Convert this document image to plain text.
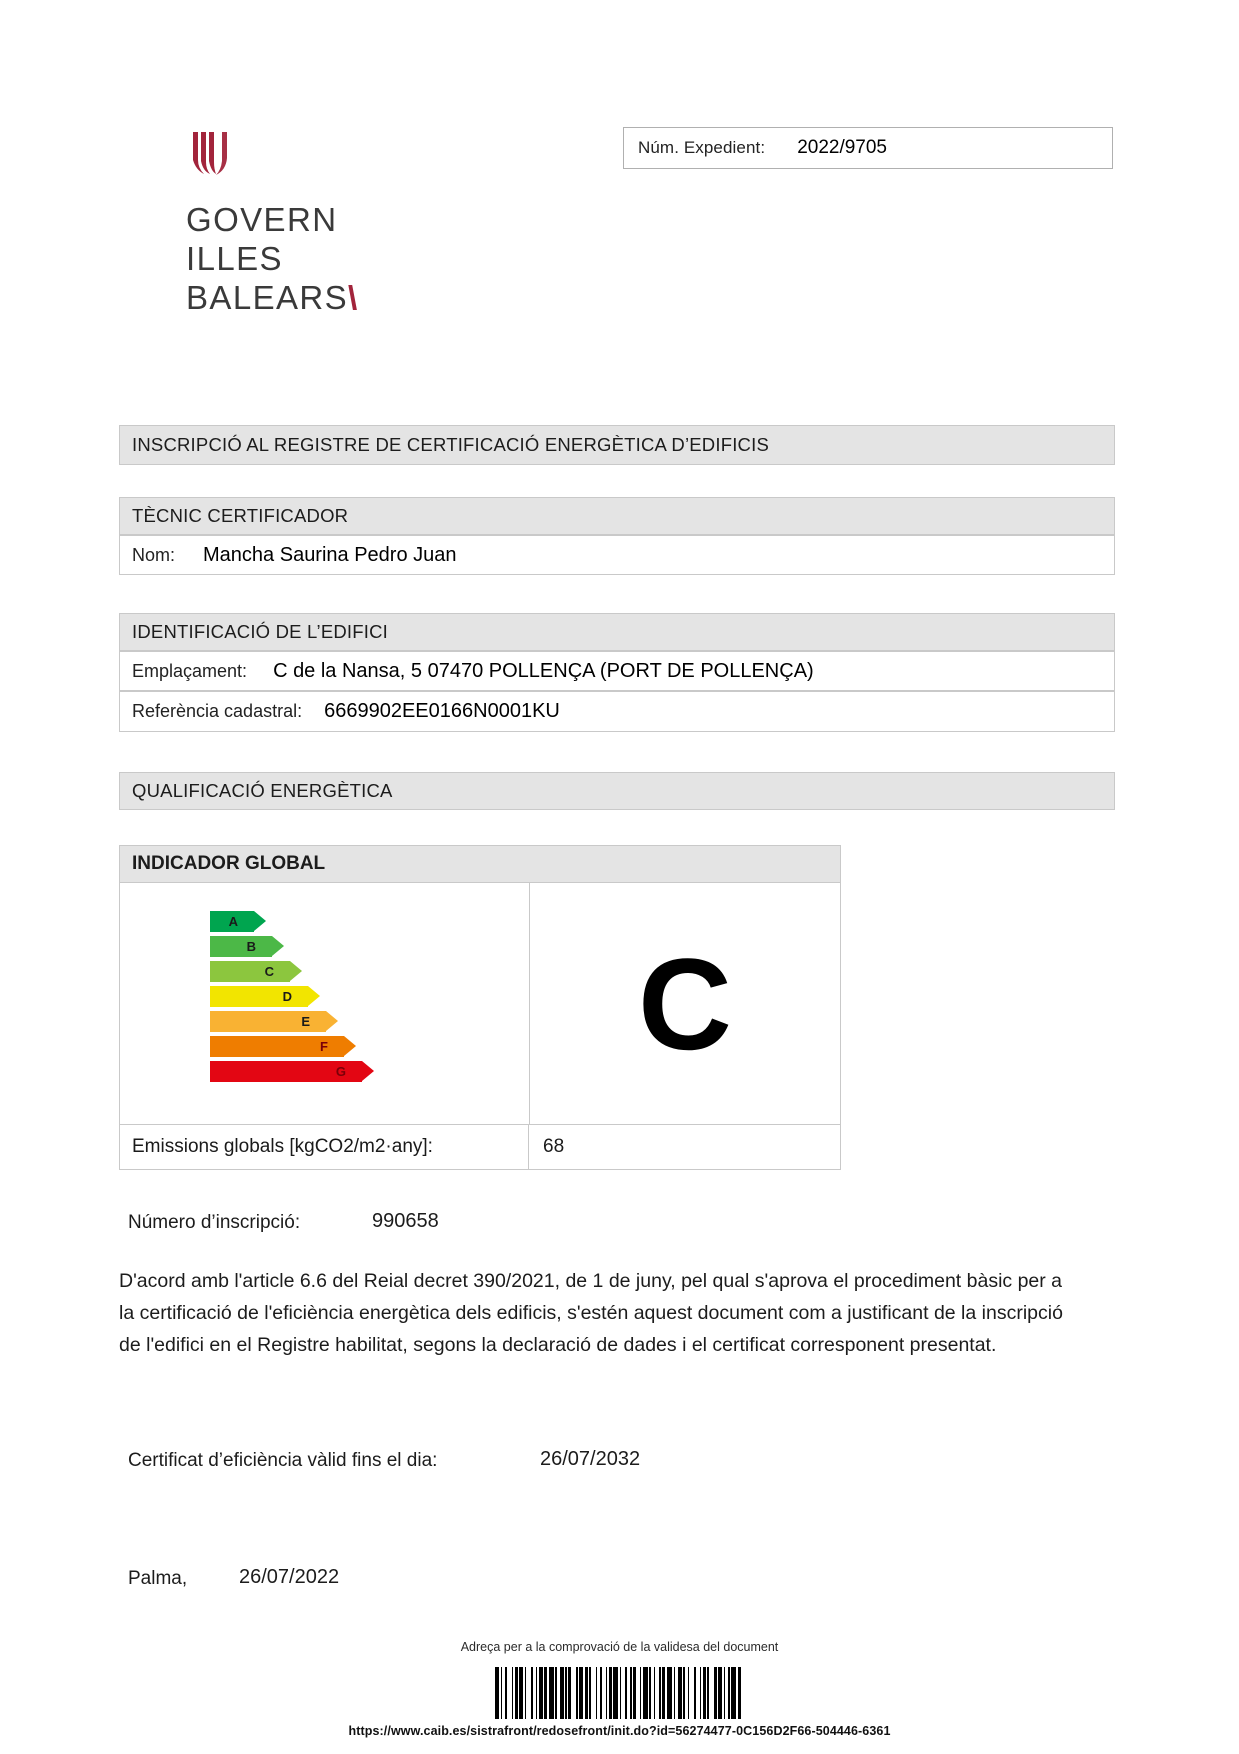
Núm. Expedient: 2022/9705
GOVERN
ILLES
BALEARS\
INSCRIPCIÓ AL REGISTRE DE CERTIFICACIÓ ENERGÈTICA D’EDIFICIS
TÈCNIC CERTIFICADOR
Nom: Mancha Saurina Pedro Juan
IDENTIFICACIÓ DE L’EDIFICI
Emplaçament: C de la Nansa, 5 07470 POLLENÇA (PORT DE POLLENÇA)
Referència cadastral: 6669902EE0166N0001KU
QUALIFICACIÓ ENERGÈTICA
INDICADOR GLOBAL
A
B
C
D
E
F
G	C
Emissions globals [kgCO2/m2·any]:	68
Número d’inscripció:	990658
D'acord amb l'article 6.6 del Reial decret 390/2021, de 1 de juny, pel qual s'aprova el procediment bàsic per a la certificació de l'eficiència energètica dels edificis, s'estén aquest document com a justificant de la inscripció de l'edifici en el Registre habilitat, segons la declaració de dades i el certificat corresponent presentat.
Certificat d’eficiència vàlid fins el dia:	26/07/2032
Palma,	26/07/2022
Adreça per a la comprovació de la validesa del document
https://www.caib.es/sistrafront/redosefront/init.do?id=56274477-0C156D2F66-504446-6361
